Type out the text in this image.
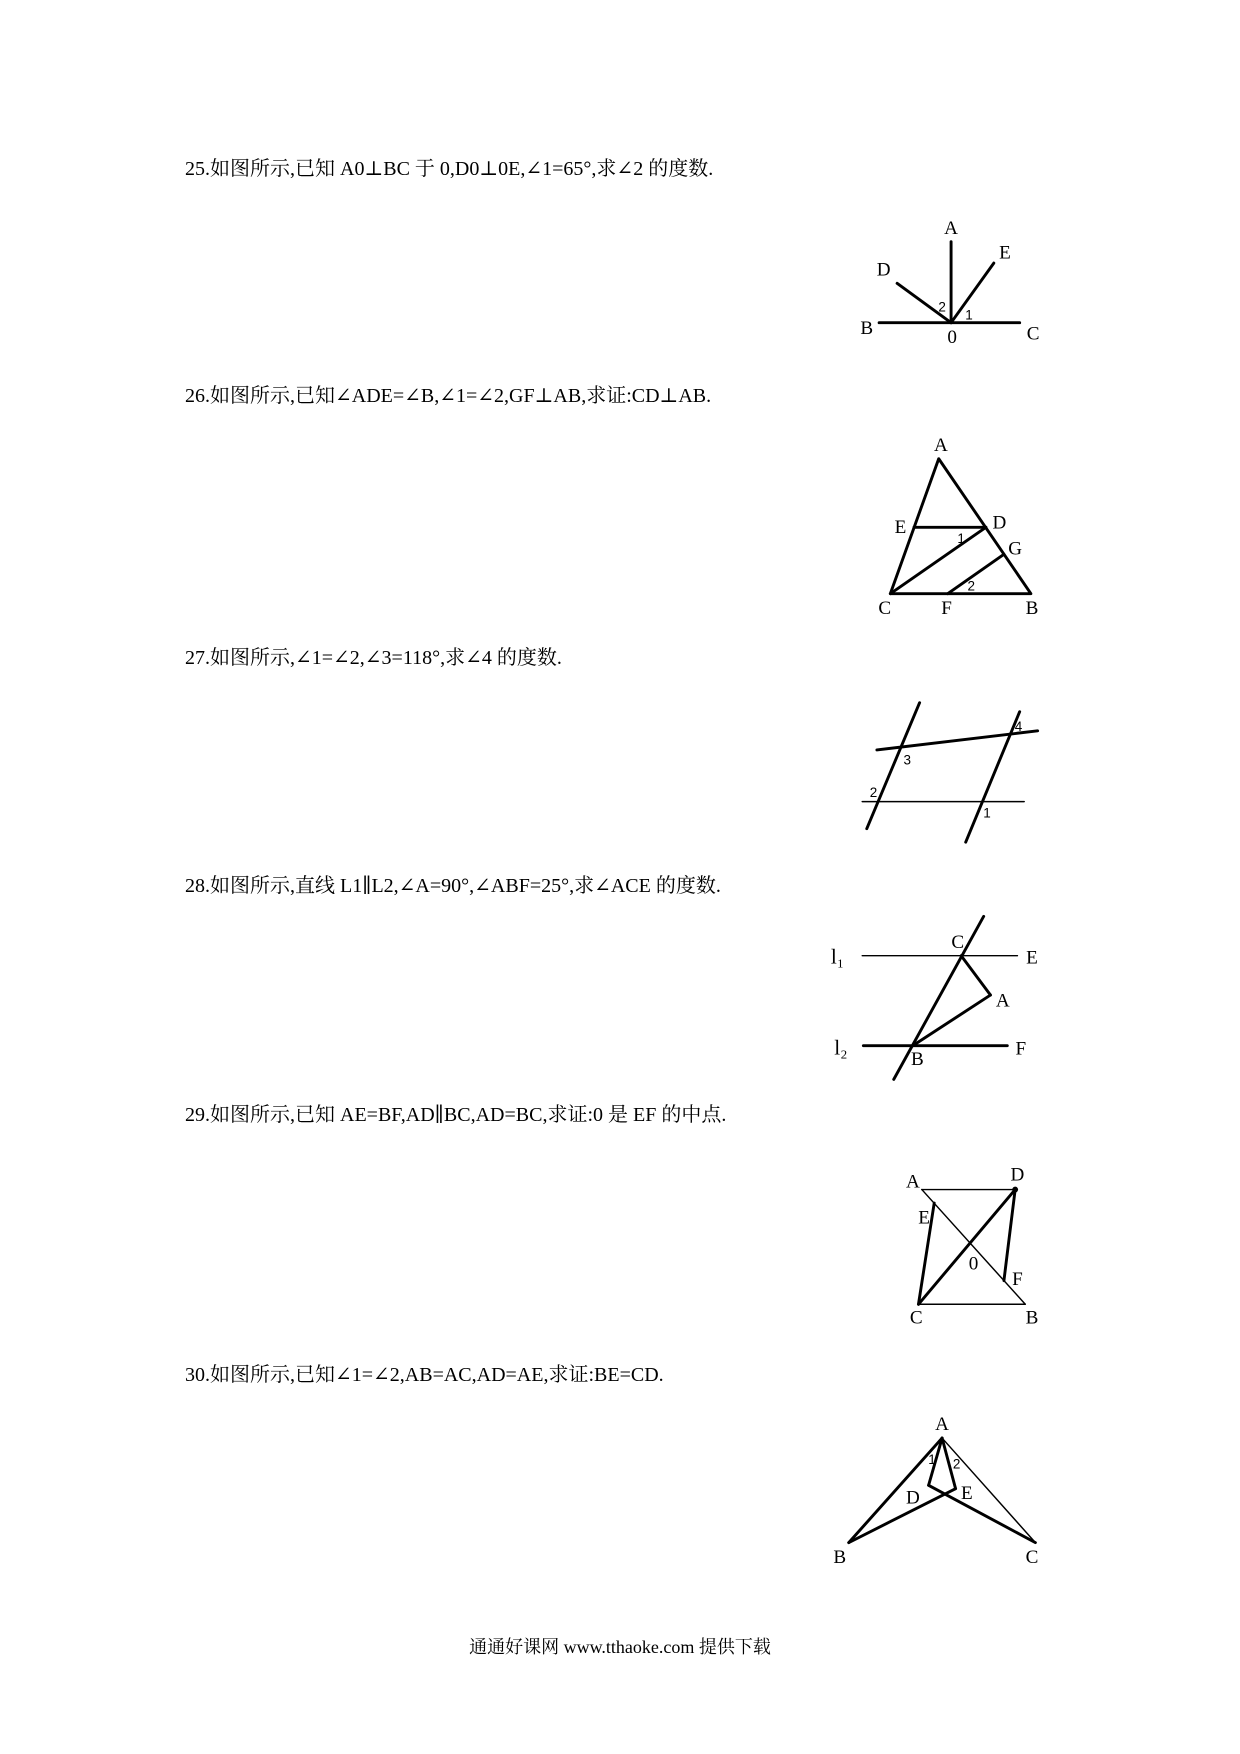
25.如图所示,已知 A0⊥BC 于 0,D0⊥0E,∠1=65°,求∠2 的度数.
26.如图所示,已知∠ADE=∠B,∠1=∠2,GF⊥AB,求证:CD⊥AB.
27.如图所示,∠1=∠2,∠3=118°,求∠4 的度数.
28.如图所示,直线 L1∥L2,∠A=90°,∠ABF=25°,求∠ACE 的度数.
29.如图所示,已知 AE=BF,AD∥BC,AD=BC,求证:0 是 EF 的中点.
30.如图所示,已知∠1=∠2,AB=AC,AD=AE,求证:BE=CD.
A
D
E
B	0	C
2
1
A
E	D
G
C	F	B
1
2
4
3
2
1
l₁	E
C
A
l₂	B	F
A	D
E
0
F
C	B
A
1 2
D E
B	C
通通好课网 www.tthaoke.com 提供下载
